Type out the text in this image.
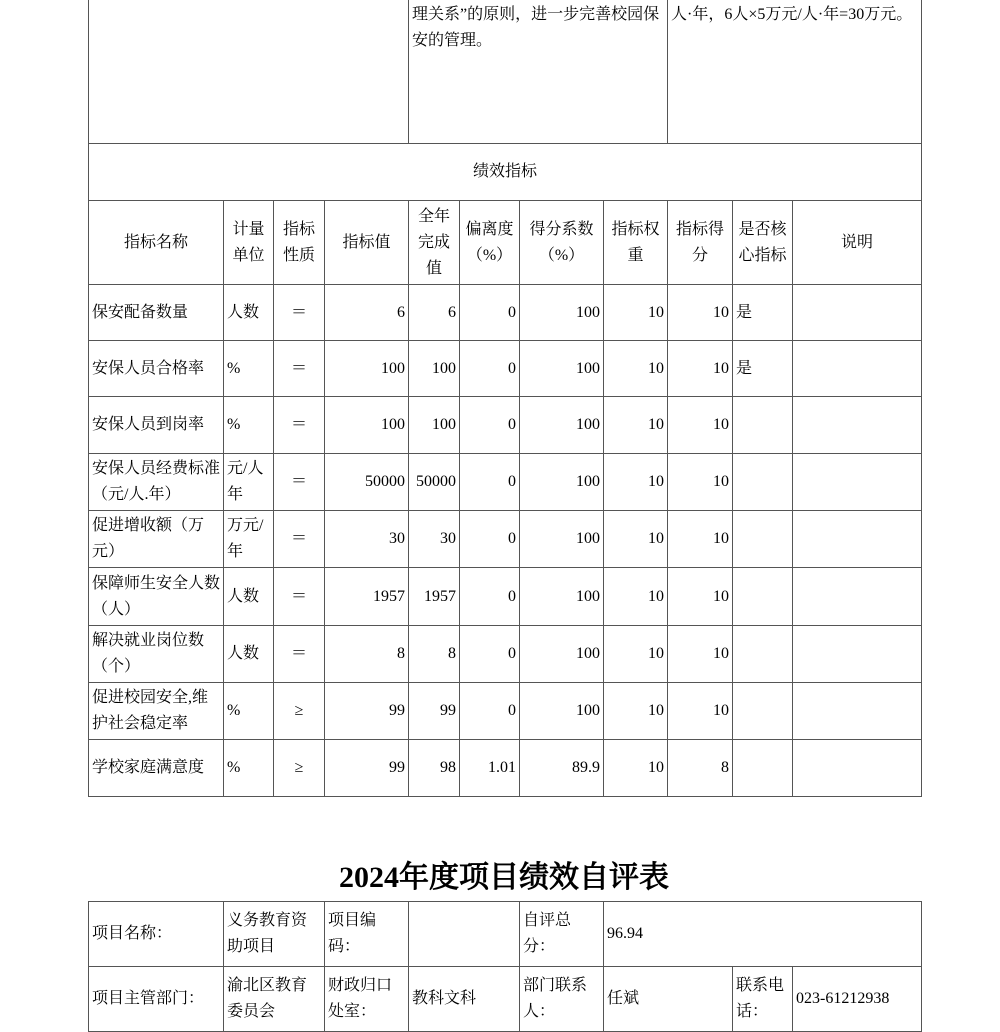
				理关系”的原则，进一步完善校园保安的管理。				人·年，6人×5万元/人·年=30万元。		
绩效指标										
指标名称	计量单位	指标性质	指标值	全年完成值	偏离度（%）	得分系数（%）	指标权重	指标得分	是否核心指标	说明
保安配备数量	人数	＝	6	6	0	100	10	10	是	
安保人员合格率	%	＝	100	100	0	100	10	10	是	
安保人员到岗率	%	＝	100	100	0	100	10	10		
安保人员经费标准（元/人.年）	元/人年	＝	50000	50000	0	100	10	10		
促进增收额（万元）	万元/年	＝	30	30	0	100	10	10		
保障师生安全人数（人）	人数	＝	1957	1957	0	100	10	10		
解决就业岗位数（个）	人数	＝	8	8	0	100	10	10		
促进校园安全,维护社会稳定率	%	≥	99	99	0	100	10	10		
学校家庭满意度	%	≥	99	98	1.01	89.9	10	8		
2024年度项目绩效自评表
项目名称：	义务教育资助项目	项目编码：		自评总分：	96.94		
项目主管部门：	渝北区教育委员会	财政归口处室：	教科文科	部门联系人：	任斌	联系电话：	023-61212938
